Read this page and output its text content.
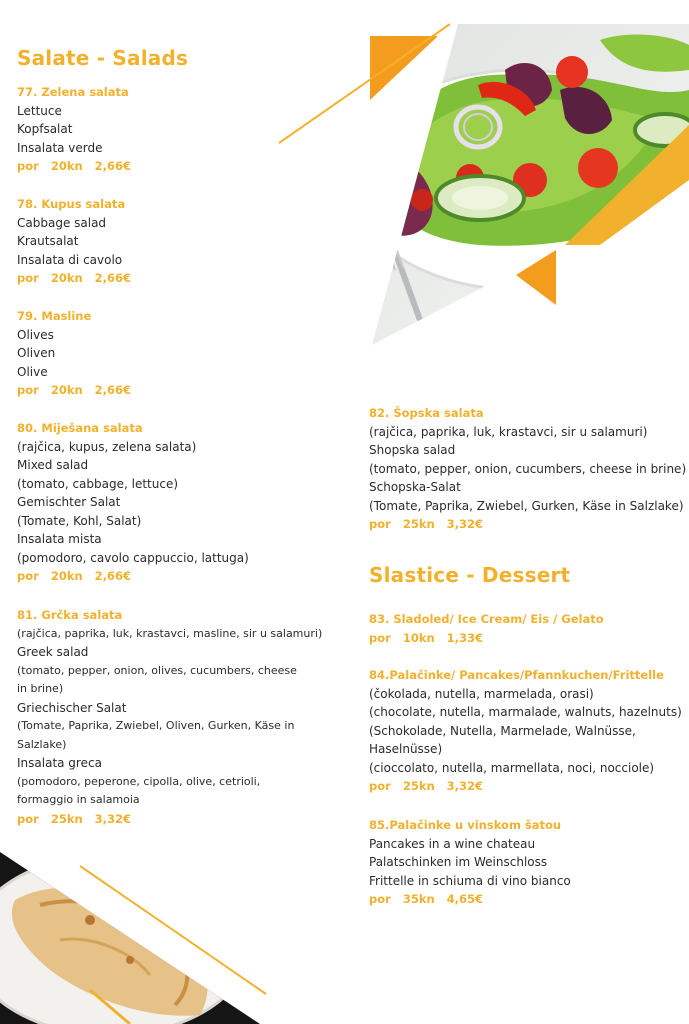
Salate - Salads
77. Zelena salata
Lettuce
Kopfsalat
Insalata verde
por   20kn   2,66€
78. Kupus salata
Cabbage salad
Krautsalat
Insalata di cavolo
por   20kn   2,66€
79. Masline
Olives
Oliven
Olive
por   20kn   2,66€
80. Miješana salata
(rajčica, kupus, zelena salata)
Mixed salad
(tomato, cabbage, lettuce)
Gemischter Salat
(Tomate, Kohl, Salat)
Insalata mista
(pomodoro, cavolo cappuccio, lattuga)
por   20kn   2,66€
81. Grčka salata
(rajčica, paprika, luk, krastavci, masline, sir u salamuri)
Greek salad
(tomato, pepper, onion, olives, cucumbers, cheese in brine)
Griechischer Salat
(Tomate, Paprika, Zwiebel, Oliven, Gurken, Käse in Salzlake)
Insalata greca
(pomodoro, peperone, cipolla, olive, cetrioli, formaggio in salamoia
por   25kn   3,32€
82. Šopska salata
(rajčica, paprika, luk, krastavci, sir u salamuri)
Shopska salad
(tomato, pepper, onion, cucumbers, cheese in brine)
Schopska-Salat
(Tomate, Paprika, Zwiebel, Gurken, Käse in Salzlake)
por   25kn   3,32€
Slastice - Dessert
83. Sladoled/ Ice Cream/ Eis / Gelato
por   10kn   1,33€
84.Palačinke/ Pancakes/Pfannkuchen/Frittelle
(čokolada, nutella, marmelada, orasi)
(chocolate, nutella, marmalade, walnuts, hazelnuts)
(Schokolade, Nutella, Marmelade, Walnüsse, Haselnüsse)
(cioccolato, nutella, marmellata, noci, nocciole)
por   25kn   3,32€
85.Palačinke u vinskom šatou
Pancakes in a wine chateau
Palatschinken im Weinschloss
Frittelle in schiuma di vino bianco
por   35kn   4,65€
